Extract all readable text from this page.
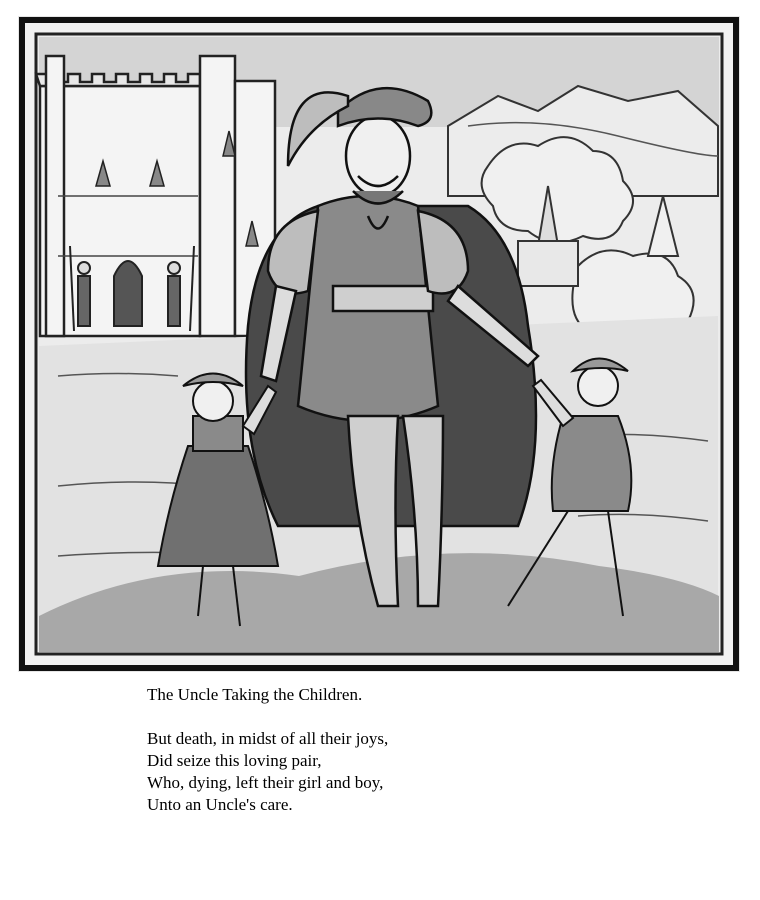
The Uncle Taking the Children.

But death, in midst of all their joys,

Did seize this loving pair,

Who, dying, left their girl and boy,

Unto an Uncle's care.
